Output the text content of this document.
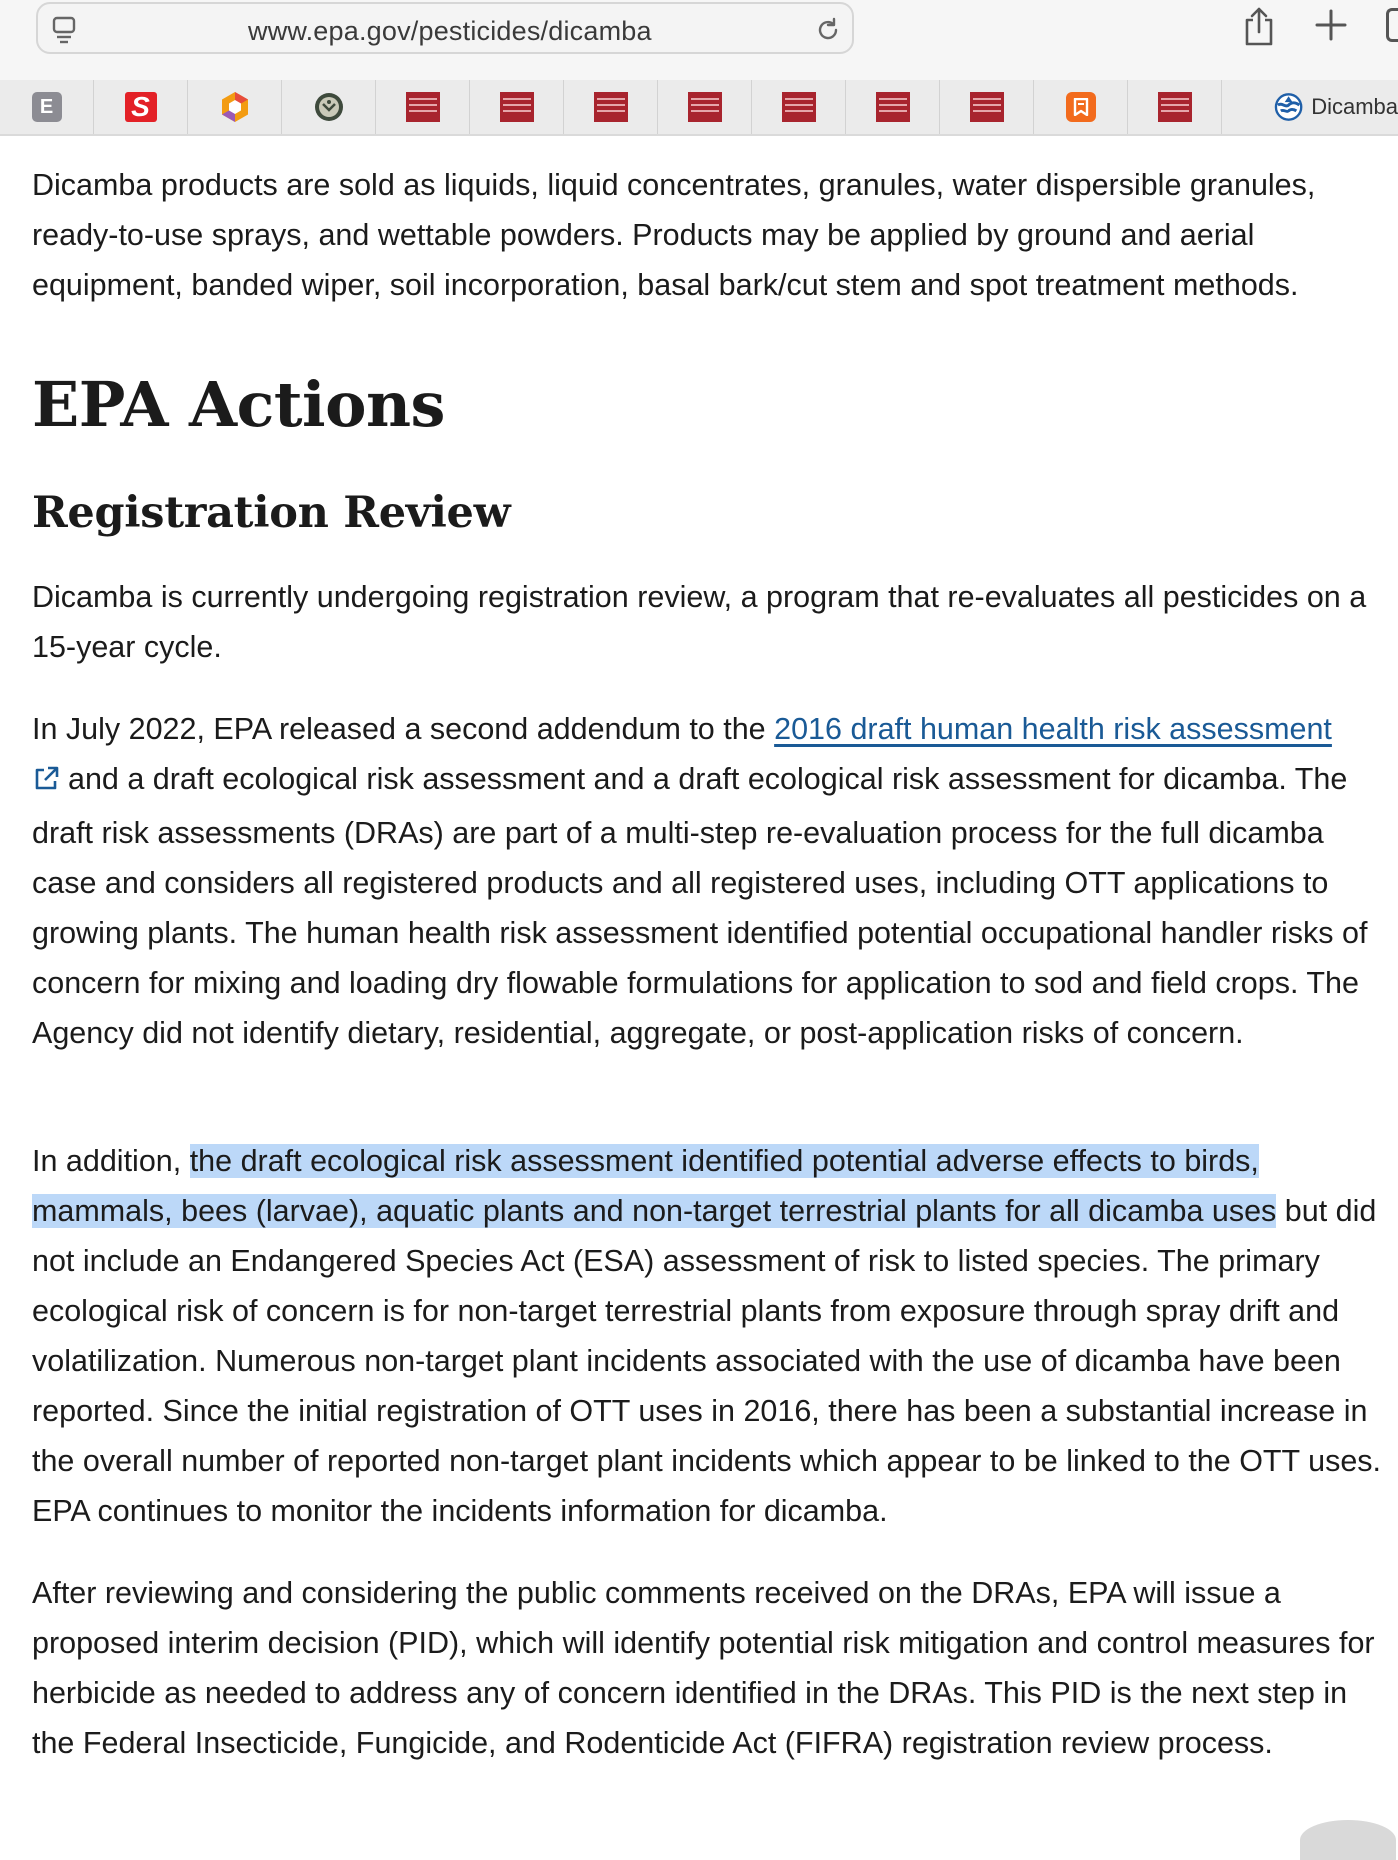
www.epa.gov/pesticides/dicamba
E	S	Dicamba

Dicamba products are sold as liquids, liquid concentrates, granules, water dispersible granules, ready-to-use sprays, and wettable powders. Products may be applied by ground and aerial equipment, banded wiper, soil incorporation, basal bark/cut stem and spot treatment methods.

EPA Actions
Registration Review

Dicamba is currently undergoing registration review, a program that re-evaluates all pesticides on a 15-year cycle.

In July 2022, EPA released a second addendum to the 2016 draft human health risk assessment
and a draft ecological risk assessment and a draft ecological risk assessment for dicamba. The draft risk assessments (DRAs) are part of a multi-step re-evaluation process for the full dicamba case and considers all registered products and all registered uses, including OTT applications to growing plants. The human health risk assessment identified potential occupational handler risks of concern for mixing and loading dry flowable formulations for application to sod and field crops. The Agency did not identify dietary, residential, aggregate, or post-application risks of concern.

In addition, the draft ecological risk assessment identified potential adverse effects to birds, mammals, bees (larvae), aquatic plants and non-target terrestrial plants for all dicamba uses but did not include an Endangered Species Act (ESA) assessment of risk to listed species. The primary ecological risk of concern is for non-target terrestrial plants from exposure through spray drift and volatilization. Numerous non-target plant incidents associated with the use of dicamba have been reported. Since the initial registration of OTT uses in 2016, there has been a substantial increase in the overall number of reported non-target plant incidents which appear to be linked to the OTT uses. EPA continues to monitor the incidents information for dicamba.

After reviewing and considering the public comments received on the DRAs, EPA will issue a proposed interim decision (PID), which will identify potential risk mitigation and control measures for herbicide as needed to address any of concern identified in the DRAs. This PID is the next step in the Federal Insecticide, Fungicide, and Rodenticide Act (FIFRA) registration review process.
